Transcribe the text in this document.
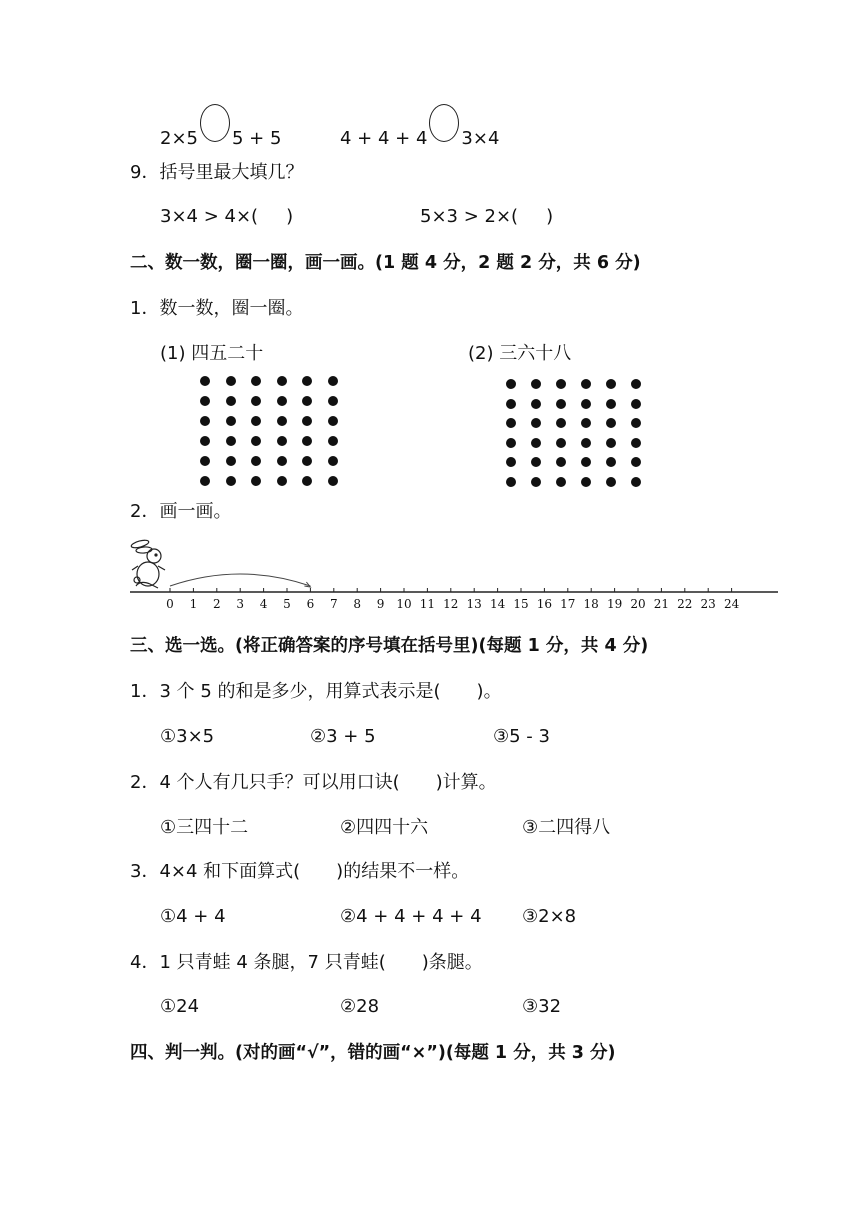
2×5 5 + 5	4 + 4 + 4 3×4
9．括号里最大填几？
3×4 > 4×( )	5×3 > 2×( )
二、数一数，圈一圈，画一画。(1 题 4 分，2 题 2 分，共 6 分)
1．数一数，圈一圈。
(1) 四五二十	(2) 三六十八
2．画一画。
0 1 2 3 4 5 6 7 8 9 10 11 12 13 14 15 16 17 18 19 20 21 22 23 24
三、选一选。(将正确答案的序号填在括号里)(每题 1 分，共 4 分)
1．3 个 5 的和是多少，用算式表示是(　　)。
①3×5	②3 + 5	③5 - 3
2．4 个人有几只手？可以用口诀(　　)计算。
①三四十二	②四四十六	③二四得八
3．4×4 和下面算式(　　)的结果不一样。
①4 + 4	②4 + 4 + 4 + 4 ③2×8
4．1 只青蛙 4 条腿，7 只青蛙(　　)条腿。
①24	②28	③32
四、判一判。(对的画“√”，错的画“×”)(每题 1 分，共 3 分)
